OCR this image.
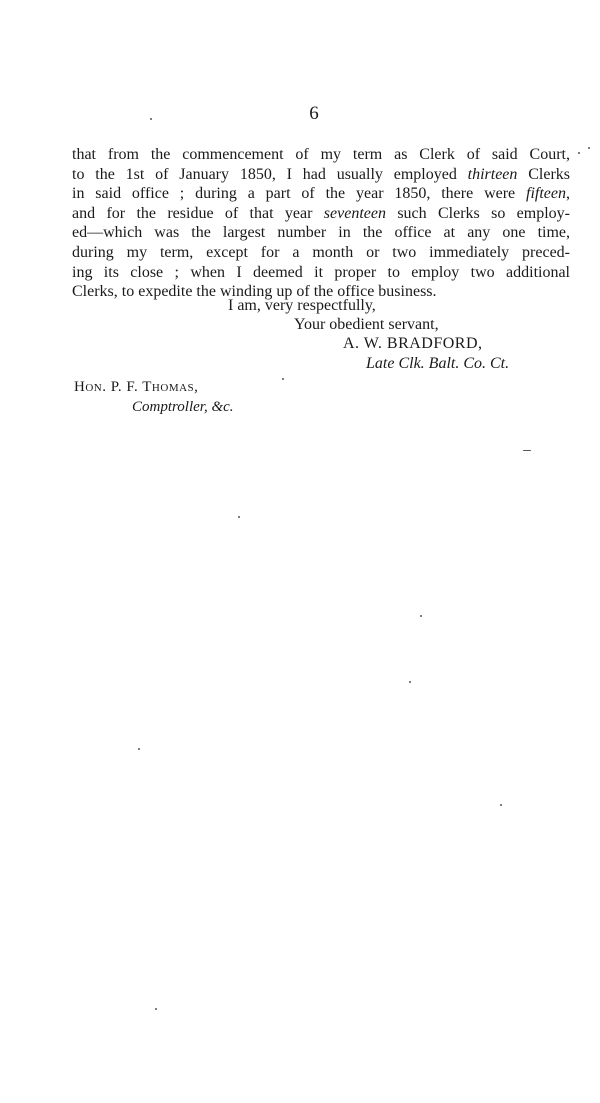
6
that from the commencement of my term as Clerk of said Court,
to the 1st of January 1850, I had usually employed thirteen Clerks
in said office ; during a part of the year 1850, there were fifteen,
and for the residue of that year seventeen such Clerks so employ-
ed—which was the largest number in the office at any one time,
during my term, except for a month or two immediately preced-
ing its close ; when I deemed it proper to employ two additional
Clerks, to expedite the winding up of the office business.
I am, very respectfully,
Your obedient servant,
A. W. BRADFORD,
Late Clk. Balt. Co. Ct.
Hon. P. F. Thomas,
Comptroller, &c.
